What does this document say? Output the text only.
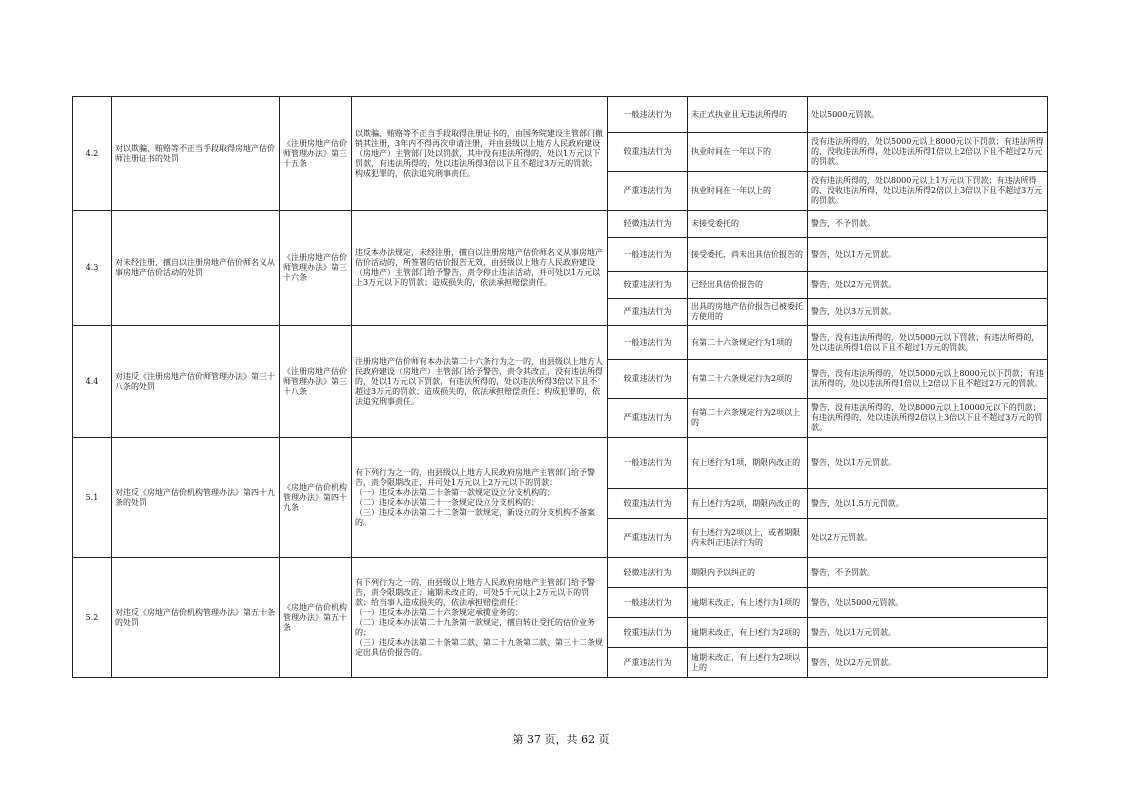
4.2	对以欺骗、贿赂等不正当手段取得房地产估价师注册证书的处罚	《注册房地产估价师管理办法》第三十五条	以欺骗、贿赂等不正当手段取得注册证书的，由国务院建设主管部门撤销其注册，3年内不得再次申请注册，并由县级以上地方人民政府建设（房地产）主管部门处以罚款，其中没有违法所得的，处以1万元以下罚款，有违法所得的，处以违法所得3倍以下且不超过3万元的罚款；构成犯罪的，依法追究刑事责任。	一般违法行为	未正式执业且无违法所得的	处以5000元罚款。
				较重违法行为	执业时间在一年以下的	没有违法所得的，处以5000元以上8000元以下罚款；有违法所得的，没收违法所得，处以违法所得1倍以上2倍以下且不超过2万元的罚款。
				严重违法行为	执业时间在一年以上的	没有违法所得的，处以8000元以上1万元以下罚款；有违法所得的，没收违法所得，处以违法所得2倍以上3倍以下且不超过3万元的罚款。
4.3	对未经注册，擅自以注册房地产估价师名义从事房地产估价活动的处罚	《注册房地产估价师管理办法》第三十六条	违反本办法规定，未经注册，擅自以注册房地产估价师名义从事房地产估价活动的，所签署的估价报告无效，由县级以上地方人民政府建设（房地产）主管部门给予警告，责令停止违法活动，并可处以1万元以上3万元以下的罚款；造成损失的，依法承担赔偿责任。	轻微违法行为	未接受委托的	警告，不予罚款。
				一般违法行为	接受委托，尚未出具估价报告的	警告，处以1万元罚款。
				较重违法行为	已经出具估价报告的	警告，处以2万元罚款。
				严重违法行为	出具的房地产估价报告已被委托方使用的	警告，处以3万元罚款。
4.4	对违反《注册房地产估价师管理办法》第三十八条的处罚	《注册房地产估价师管理办法》第三十八条	注册房地产估价师有本办法第二十六条行为之一的，由县级以上地方人民政府建设（房地产）主管部门给予警告，责令其改正，没有违法所得的，处以1万元以下罚款，有违法所得的，处以违法所得3倍以下且不超过3万元的罚款；造成损失的，依法承担赔偿责任；构成犯罪的，依法追究刑事责任。	一般违法行为	有第二十六条规定行为1项的	警告，没有违法所得的，处以5000元以下罚款；有违法所得的，处以违法所得1倍以下且不超过1万元的罚款。
				较重违法行为	有第二十六条规定行为2项的	警告，没有违法所得的，处以5000元以上8000元以下罚款；有违法所得的，处以违法所得1倍以上2倍以下且不超过2万元的罚款。
				严重违法行为	有第二十六条规定行为2项以上的	警告，没有违法所得的，处以8000元以上10000元以下的罚款；有违法所得的，处以违法所得2倍以上3倍以下且不超过3万元的罚款。
5.1	对违反《房地产估价机构管理办法》第四十九条的处罚	《房地产估价机构管理办法》第四十九条	有下列行为之一的，由县级以上地方人民政府房地产主管部门给予警告，责令限期改正，并可处1万元以上2万元以下的罚款：
（一）违反本办法第二十条第一款规定设立分支机构的；
（二）违反本办法第二十一条规定设立分支机构的；
（三）违反本办法第二十二条第一款规定，新设立的分支机构不备案的。	一般违法行为	有上述行为1项，期限内改正的	警告，处以1万元罚款。
				较重违法行为	有上述行为2项，期限内改正的	警告，处以1.5万元罚款。
				严重违法行为	有上述行为2项以上，或者期限内未纠正违法行为的	处以2万元罚款。
5.2	对违反《房地产估价机构管理办法》第五十条的处罚	《房地产估价机构管理办法》第五十条	有下列行为之一的，由县级以上地方人民政府房地产主管部门给予警告，责令限期改正；逾期未改正的，可处5千元以上2万元以下的罚款；给当事人造成损失的，依法承担赔偿责任：
（一）违反本办法第二十六条规定承揽业务的；
（二）违反本办法第二十九条第一款规定，擅自转让受托的估价业务的；
（三）违反本办法第二十条第二款、第二十九条第二款、第三十二条规定出具估价报告的。	轻微违法行为	期限内予以纠正的	警告，不予罚款。
				一般违法行为	逾期未改正，有上述行为1项的	警告，处以5000元罚款。
				较重违法行为	逾期未改正，有上述行为2项的	警告，处以1万元罚款。
				严重违法行为	逾期未改正，有上述行为2项以上的	警告，处以2万元罚款。
第 37 页，共 62 页
